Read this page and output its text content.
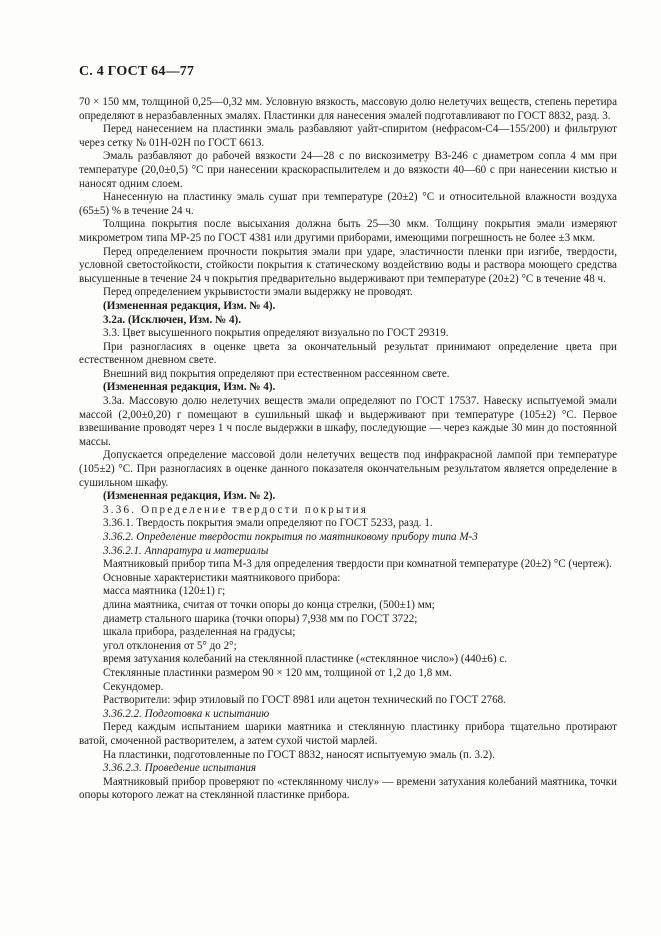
С. 4 ГОСТ 64—77

70 × 150 мм, толщиной 0,25—0,32 мм. Условную вязкость, массовую долю нелетучих веществ, степень перетира определяют в неразбавленных эмалях. Пластинки для нанесения эмалей подготавливают по ГОСТ 8832, разд. 3.

Перед нанесением на пластинки эмаль разбавляют уайт-спиритом (нефрасом-С4—155/200) и фильтруют через сетку № 01Н-02Н по ГОСТ 6613.

Эмаль разбавляют до рабочей вязкости 24—28 с по вискозиметру ВЗ-246 с диаметром сопла 4 мм при температуре (20,0±0,5) °С при нанесении краскораспылителем и до вязкости 40—60 с при нанесении кистью и наносят одним слоем.

Нанесенную на пластинку эмаль сушат при температуре (20±2) °С и относительной влажности воздуха (65±5) % в течение 24 ч.

Толщина покрытия после высыхания должна быть 25—30 мкм. Толщину покрытия эмали измеряют микрометром типа МР-25 по ГОСТ 4381 или другими приборами, имеющими погрешность не более ±3 мкм.

Перед определением прочности покрытия эмали при ударе, эластичности пленки при изгибе, твердости, условной светостойкости, стойкости покрытия к статическому воздействию воды и раствора моющего средства высушенные в течение 24 ч покрытия предварительно выдерживают при температуре (20±2) °С в течение 48 ч.

Перед определением укрывистости эмали выдержку не проводят.

(Измененная редакция, Изм. № 4).

3.2а. (Исключен, Изм. № 4).

3.3. Цвет высушенного покрытия определяют визуально по ГОСТ 29319.

При разногласиях в оценке цвета за окончательный результат принимают определение цвета при естественном дневном свете.

Внешний вид покрытия определяют при естественном рассеянном свете.

(Измененная редакция, Изм. № 4).

3.3а. Массовую долю нелетучих веществ эмали определяют по ГОСТ 17537. Навеску испытуемой эмали массой (2,00±0,20) г помещают в сушильный шкаф и выдерживают при температуре (105±2) °С. Первое взвешивание проводят через 1 ч после выдержки в шкафу, последующие — через каждые 30 мин до постоянной массы.

Допускается определение массовой доли нелетучих веществ под инфракрасной лампой при температуре (105±2) °С. При разногласиях в оценке данного показателя окончательным результатом является определение в сушильном шкафу.

(Измененная редакция, Изм. № 2).

3.36. Определение твердости покрытия

3.36.1. Твердость покрытия эмали определяют по ГОСТ 5233, разд. 1.

3.36.2. Определение твердости покрытия по маятниковому прибору типа М-3

3.36.2.1. Аппаратура и материалы

Маятниковый прибор типа М-3 для определения твердости при комнатной температуре (20±2) °С (чертеж).

Основные характеристики маятникового прибора:

масса маятника (120±1) г;

длина маятника, считая от точки опоры до конца стрелки, (500±1) мм;

диаметр стального шарика (точки опоры) 7,938 мм по ГОСТ 3722;

шкала прибора, разделенная на градусы;

угол отклонения от 5° до 2°;

время затухания колебаний на стеклянной пластинке («стеклянное число») (440±6) с.

Стеклянные пластинки размером 90 × 120 мм, толщиной от 1,2 до 1,8 мм.

Секундомер.

Растворители: эфир этиловый по ГОСТ 8981 или ацетон технический по ГОСТ 2768.

3.36.2.2. Подготовка к испытанию

Перед каждым испытанием шарики маятника и стеклянную пластинку прибора тщательно протирают ватой, смоченной растворителем, а затем сухой чистой марлей.

На пластинки, подготовленные по ГОСТ 8832, наносят испытуемую эмаль (п. 3.2).

3.36.2.3. Проведение испытания

Маятниковый прибор проверяют по «стеклянному числу» — времени затухания колебаний маятника, точки опоры которого лежат на стеклянной пластинке прибора.
